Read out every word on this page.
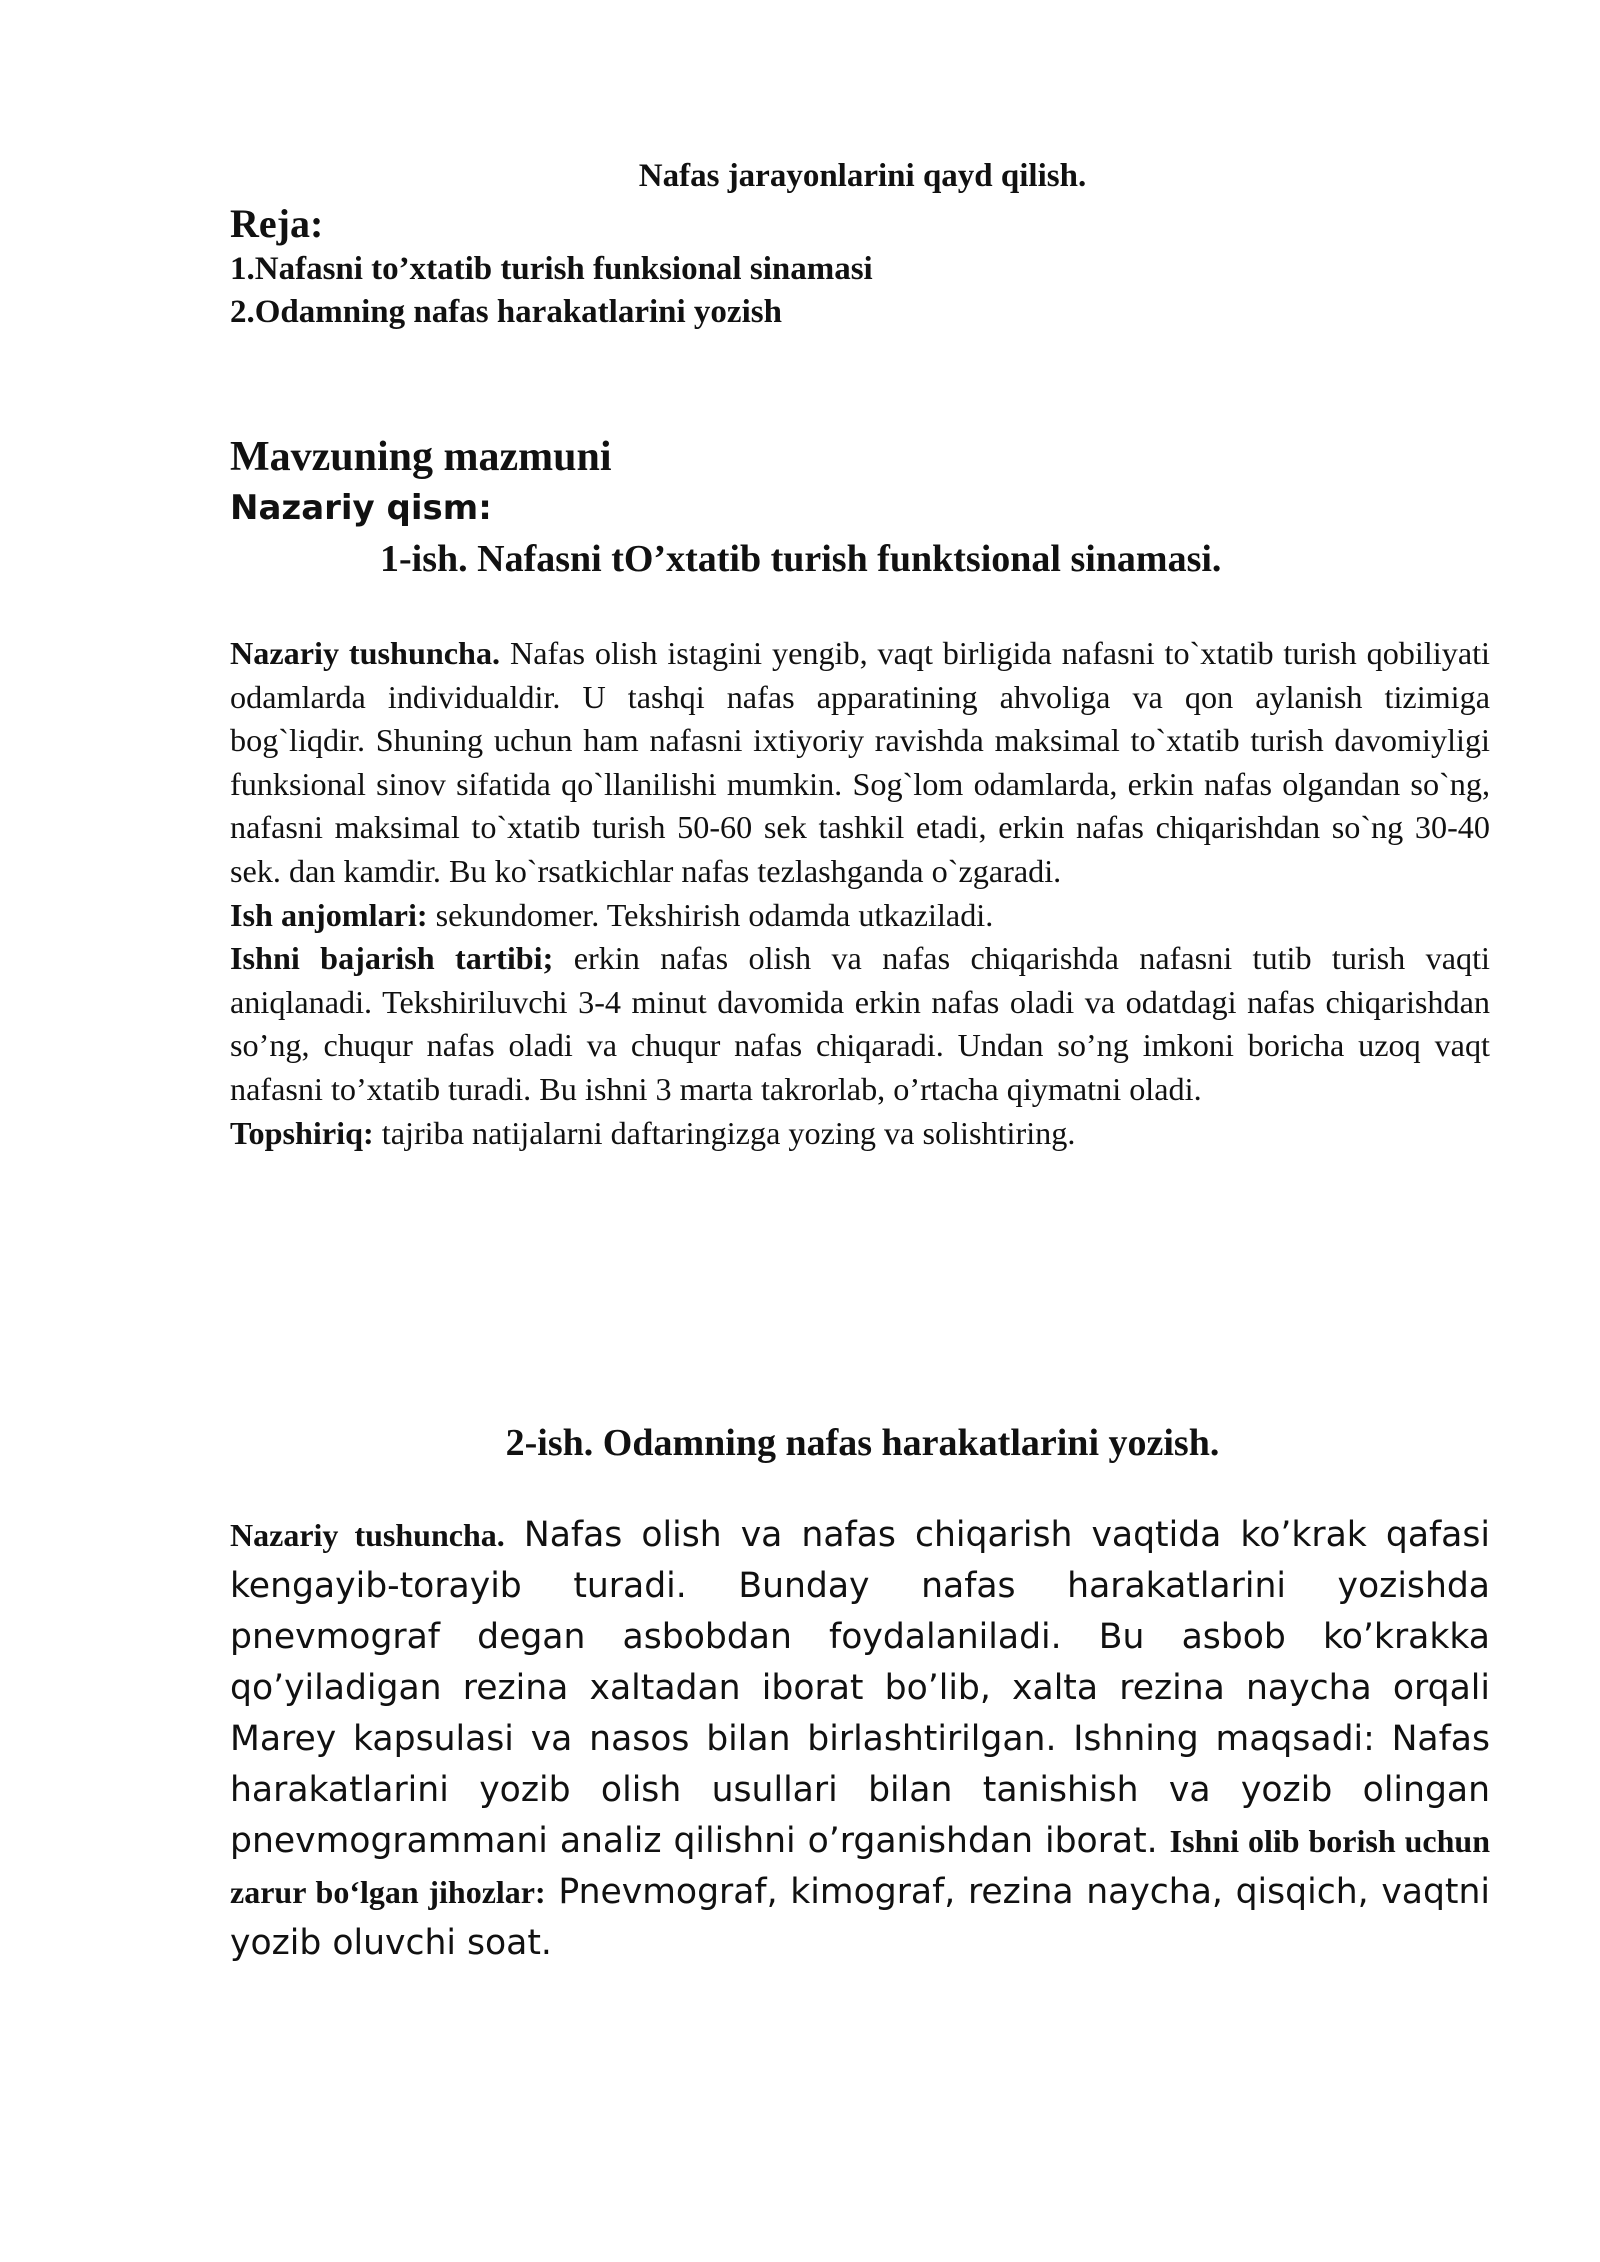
Nafas jarayonlarini qayd qilish.
Reja:
1.Nafasni to’xtatib turish funksional sinamasi
2.Odamning nafas harakatlarini yozish
Mavzuning mazmuni
Nazariy qism:
1-ish. Nafasni tO’xtatib turish funktsional sinamasi.

Nazariy tushuncha. Nafas olish istagini yengib, vaqt birligida nafasni to`xtatib turish qobiliyati odamlarda individualdir. U tashqi nafas apparatining ahvoliga va qon aylanish tizimiga bog`liqdir. Shuning uchun ham nafasni ixtiyoriy ravishda maksimal to`xtatib turish davomiyligi funksional sinov sifatida qo`llanilishi mumkin. Sog`lom odamlarda, erkin nafas olgandan so`ng, nafasni maksimal to`xtatib turish 50-60 sek tashkil etadi, erkin nafas chiqarishdan so`ng 30-40 sek. dan kamdir. Bu ko`rsatkichlar nafas tezlashganda o`zgaradi.

Ish anjomlari: sekundomer. Tekshirish odamda utkaziladi.

Ishni bajarish tartibi; erkin nafas olish va nafas chiqarishda nafasni tutib turish vaqti aniqlanadi. Tekshiriluvchi 3-4 minut davomida erkin nafas oladi va odatdagi nafas chiqarishdan so’ng, chuqur nafas oladi va chuqur nafas chiqaradi. Undan so’ng imkoni boricha uzoq vaqt nafasni to’xtatib turadi. Bu ishni 3 marta takrorlab, o’rtacha qiymatni oladi.

Topshiriq: tajriba natijalarni daftaringizga yozing va solishtiring.

2-ish. Odamning nafas harakatlarini yozish.

Nazariy tushuncha. Nafas olish va nafas chiqarish vaqtida ko’krak qafasi kengayib-torayib turadi. Bunday nafas harakatlarini yozishda pnevmograf degan asbobdan foydalaniladi. Bu asbob ko’krakka qo’yiladigan rezina xaltadan iborat bo’lib, xalta rezina naycha orqali Marey kapsulasi va nasos bilan birlashtirilgan. Ishning maqsadi: Nafas harakatlarini yozib olish usullari bilan tanishish va yozib olingan pnevmogrammani analiz qilishni o’rganishdan iborat. Ishni olib borish uchun zarur bo‘lgan jihozlar: Pnevmograf, kimograf, rezina naycha, qisqich, vaqtni yozib oluvchi soat.
